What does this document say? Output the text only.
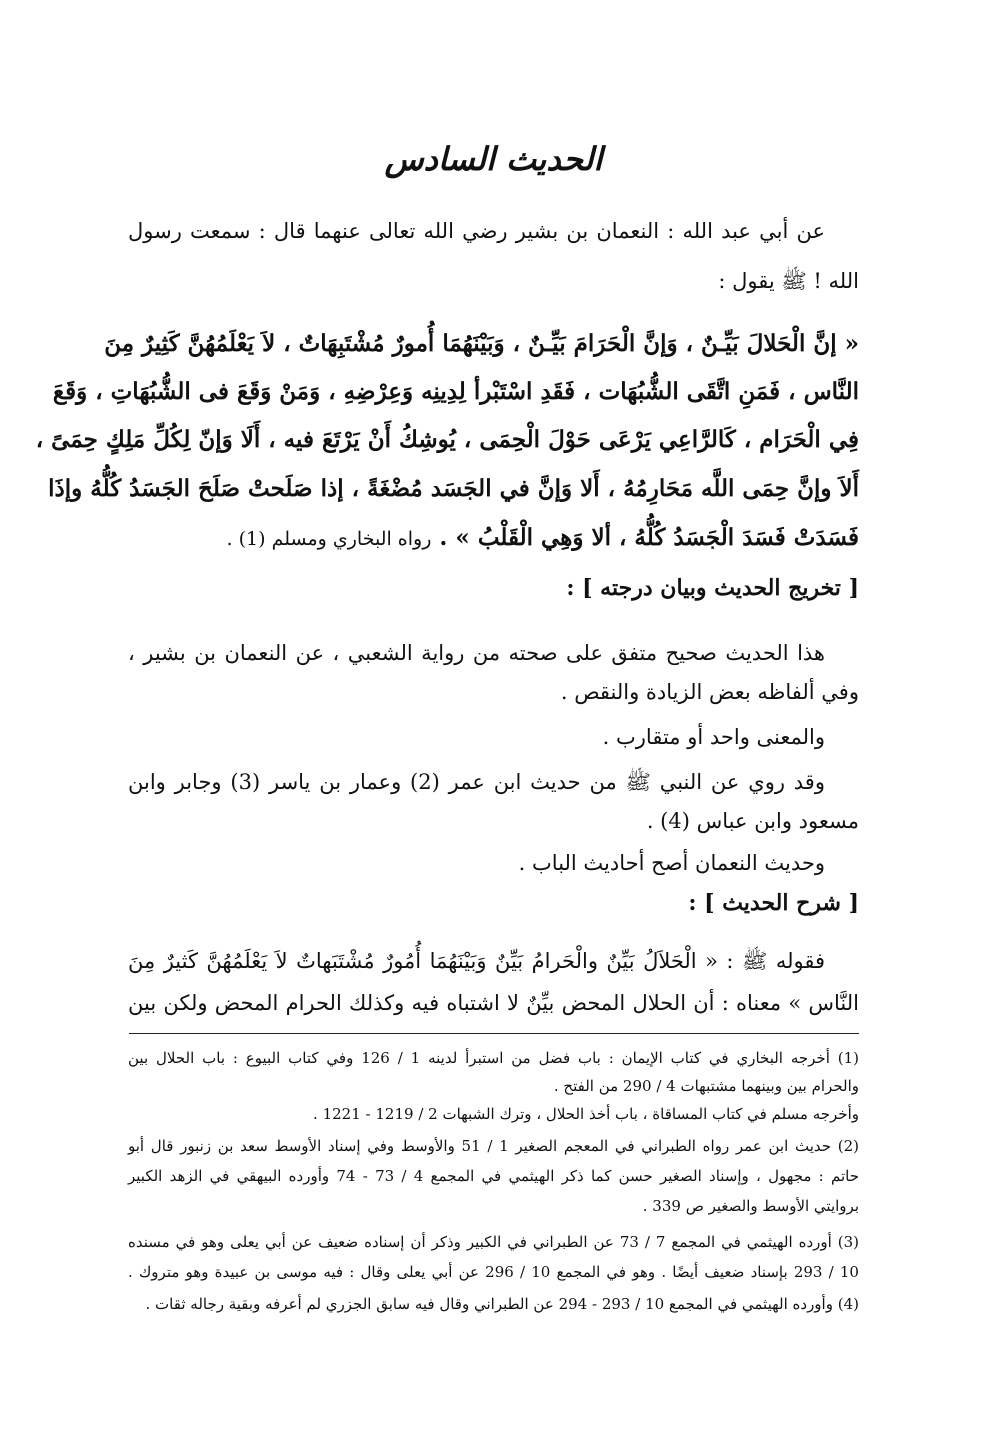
الحديث السادس

عن أبي عبد الله : النعمان بن بشير رضي الله تعالى عنهما قال : سمعت رسول

الله ! ﷺ يقول :

« إنَّ الْحَلالَ بَيِّـنٌ ، وَإنَّ الْحَرَامَ بَيِّـنٌ ، وَبَيْنَهُمَا أُمورٌ مُشْتَبِهَاتٌ ، لاَ يَعْلَمُهُنَّ كَثِيرٌ مِنَ

النَّاس ، فَمَنِ اتَّقَى الشُّبُهَات ، فَقَدِ اسْتَبْرأ لِدِينِه وَعِرْضِهِ ، وَمَنْ وَقَعَ فى الشُّبُهَاتِ ، وَقَعَ

فِي الْحَرَام ، كَالرَّاعِي يَرْعَى حَوْلَ الْحِمَى ، يُوشِكُ أَنْ يَرْتَعَ فيه ، أَلَا وَإنّ لِكُلِّ مَلِكٍ حِمَىً ،

أَلاَ وإنَّ حِمَى اللَّه مَحَارِمُهُ ، أَلا وَإنَّ في الجَسَد مُضْغَةً ، إذا صَلَحتْ صَلَحَ الجَسَدُ كُلُّهُ وإذَا

فَسَدَتْ فَسَدَ الْجَسَدُ كُلُّهُ ، ألا وَهِي الْقَلْبُ » . رواه البخاري ومسلم (1) .

[ تخريج الحديث وبيان درجته ] :

هذا الحديث صحيح متفق على صحته من رواية الشعبي ، عن النعمان بن بشير ،

وفي ألفاظه بعض الزيادة والنقص .

والمعنى واحد أو متقارب .

وقد روي عن النبي ﷺ من حديث ابن عمر (2) وعمار بن ياسر (3) وجابر وابن

مسعود وابن عباس (4) .

وحديث النعمان أصح أحاديث الباب .

[ شرح الحديث ] :

فقوله ﷺ : « الْحَلاَلُ بَيِّنٌ والْحَرامُ بَيِّنٌ وَبَيْنَهُمَا أُمُورٌ مُشْتَبَهاتٌ لاَ يَعْلَمُهُنَّ كَثيرٌ مِنَ

النَّاس » معناه : أن الحلال المحض بيِّنٌ لا اشتباه فيه وكذلك الحرام المحض ولكن بين

(1) أخرجه البخاري في كتاب الإيمان : باب فضل من استبرأ لدينه 1 / 126 وفي كتاب البيوع : باب الحلال بين

والحرام بين وبينهما مشتبهات 4 / 290 من الفتح .

وأخرجه مسلم في كتاب المساقاة ، باب أخذ الحلال ، وترك الشبهات 2 / 1219 - 1221 .

(2) حديث ابن عمر رواه الطبراني في المعجم الصغير 1 / 51 والأوسط وفي إسناد الأوسط سعد بن زنبور قال أبو

حاتم : مجهول ، وإسناد الصغير حسن كما ذكر الهيثمي في المجمع 4 / 73 - 74 وأورده البيهقي في الزهد الكبير

بروايتي الأوسط والصغير ص 339 .

(3) أورده الهيثمي في المجمع 7 / 73 عن الطبراني في الكبير وذكر أن إسناده ضعيف عن أبي يعلى وهو في مسنده

10 / 293 بإسناد ضعيف أيضًا . وهو في المجمع 10 / 296 عن أبي يعلى وقال : فيه موسى بن عبيدة وهو متروك .

(4) وأورده الهيثمي في المجمع 10 / 293 - 294 عن الطبراني وقال فيه سابق الجزري لم أعرفه وبقية رجاله ثقات .
